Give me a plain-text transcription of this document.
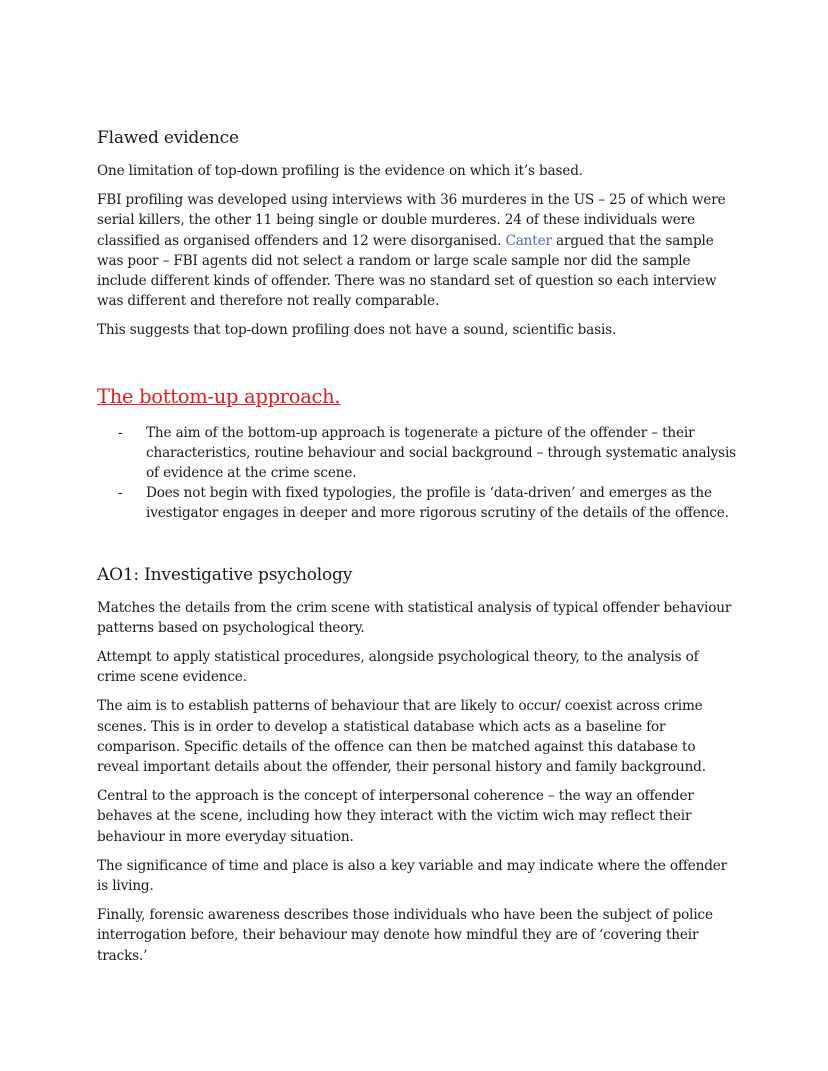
Flawed evidence

One limitation of top-down profiling is the evidence on which it’s based.

FBI profiling was developed using interviews with 36 murderes in the US – 25 of which were serial killers, the other 11 being single or double murderes. 24 of these individuals were classified as organised offenders and 12 were disorganised. Canter argued that the sample was poor – FBI agents did not select a random or large scale sample nor did the sample include different kinds of offender. There was no standard set of question so each interview was different and therefore not really comparable.

This suggests that top-down profiling does not have a sound, scientific basis.

The bottom-up approach.
- The aim of the bottom-up approach is togenerate a picture of the offender – their characteristics, routine behaviour and social background – through systematic analysis of evidence at the crime scene.
- Does not begin with fixed typologies, the profile is ‘data-driven’ and emerges as the ivestigator engages in deeper and more rigorous scrutiny of the details of the offence.
AO1: Investigative psychology

Matches the details from the crim scene with statistical analysis of typical offender behaviour patterns based on psychological theory.

Attempt to apply statistical procedures, alongside psychological theory, to the analysis of crime scene evidence.

The aim is to establish patterns of behaviour that are likely to occur/ coexist across crime scenes. This is in order to develop a statistical database which acts as a baseline for comparison. Specific details of the offence can then be matched against this database to reveal important details about the offender, their personal history and family background.

Central to the approach is the concept of interpersonal coherence – the way an offender behaves at the scene, including how they interact with the victim wich may reflect their behaviour in more everyday situation.

The significance of time and place is also a key variable and may indicate where the offender is living.

Finally, forensic awareness describes those individuals who have been the subject of police interrogation before, their behaviour may denote how mindful they are of ‘covering their tracks.’
